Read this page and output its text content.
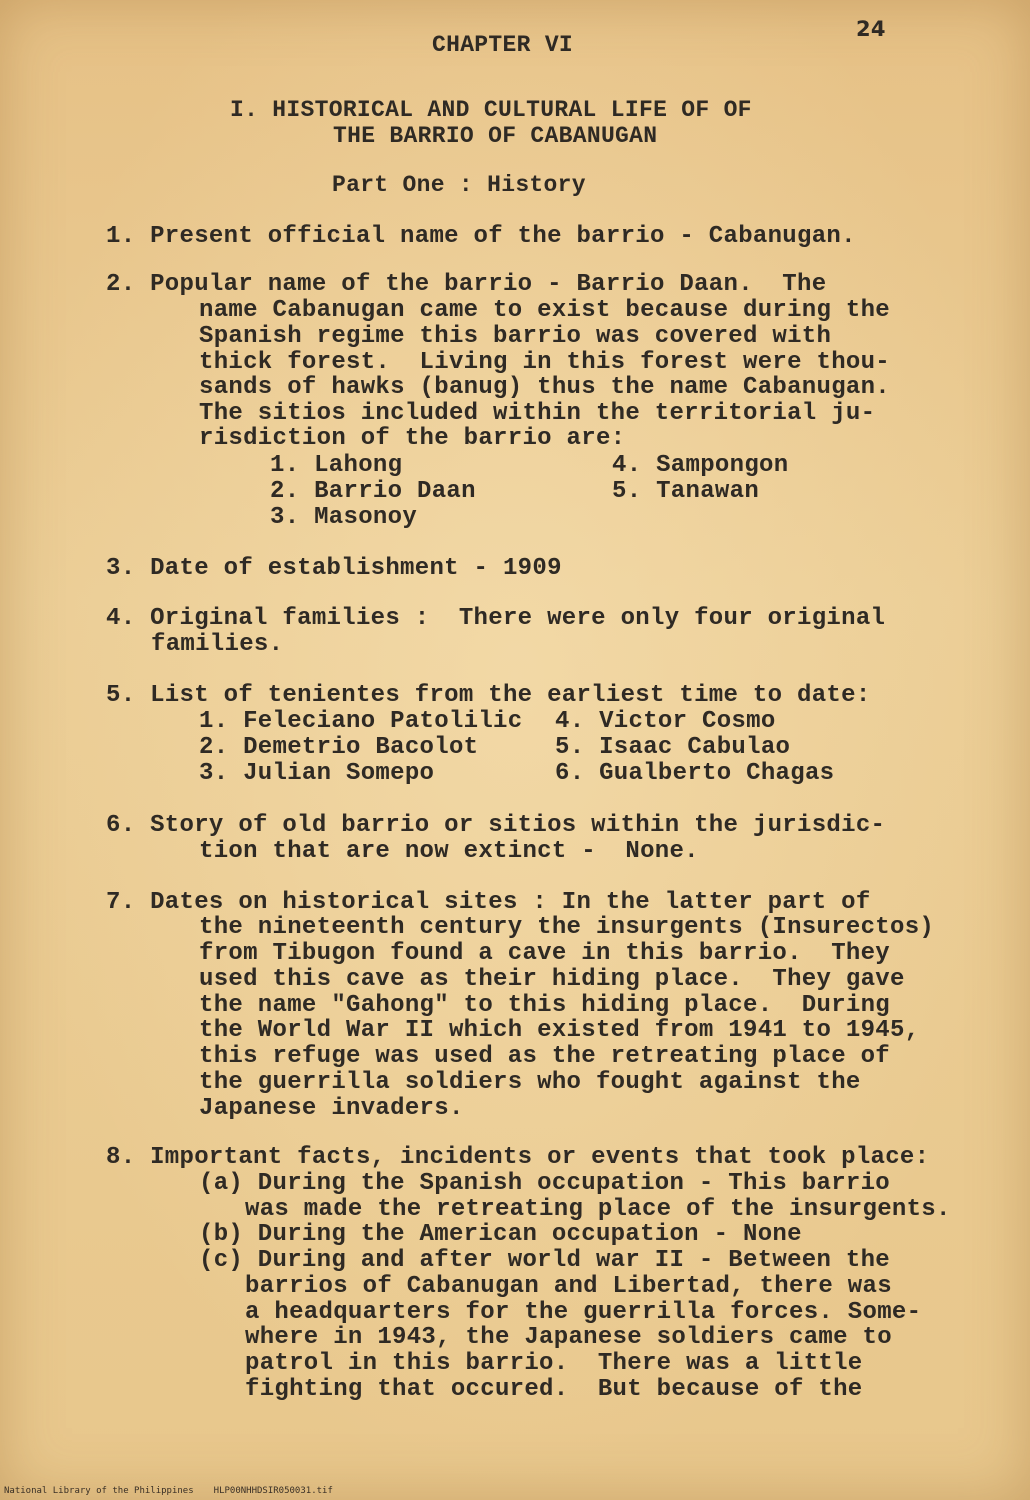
CHAPTER VI
24
I. HISTORICAL AND CULTURAL LIFE OF OF
THE BARRIO OF CABANUGAN
Part One : History
1. Present official name of the barrio - Cabanugan.
2. Popular name of the barrio - Barrio Daan.  The
name Cabanugan came to exist because during the
Spanish regime this barrio was covered with
thick forest.  Living in this forest were thou-
sands of hawks (banug) thus the name Cabanugan.
The sitios included within the territorial ju-
risdiction of the barrio are:
1. Lahong
2. Barrio Daan
3. Masonoy
4. Sampongon
5. Tanawan
3. Date of establishment - 1909
4. Original families :  There were only four original
families.
5. List of tenientes from the earliest time to date:
1. Feleciano Patolilic
2. Demetrio Bacolot
3. Julian Somepo
4. Victor Cosmo
5. Isaac Cabulao
6. Gualberto Chagas
6. Story of old barrio or sitios within the jurisdic-
tion that are now extinct -  None.
7. Dates on historical sites : In the latter part of
the nineteenth century the insurgents (Insurectos)
from Tibugon found a cave in this barrio.  They
used this cave as their hiding place.  They gave
the name "Gahong" to this hiding place.  During
the World War II which existed from 1941 to 1945,
this refuge was used as the retreating place of
the guerrilla soldiers who fought against the
Japanese invaders.
8. Important facts, incidents or events that took place:
(a) During the Spanish occupation - This barrio
was made the retreating place of the insurgents.
(b) During the American occupation - None
(c) During and after world war II - Between the
barrios of Cabanugan and Libertad, there was
a headquarters for the guerrilla forces. Some-
where in 1943, the Japanese soldiers came to
patrol in this barrio.  There was a little
fighting that occured.  But because of the
National Library of the Philippines HLP00NHHDSIR050031.tif
